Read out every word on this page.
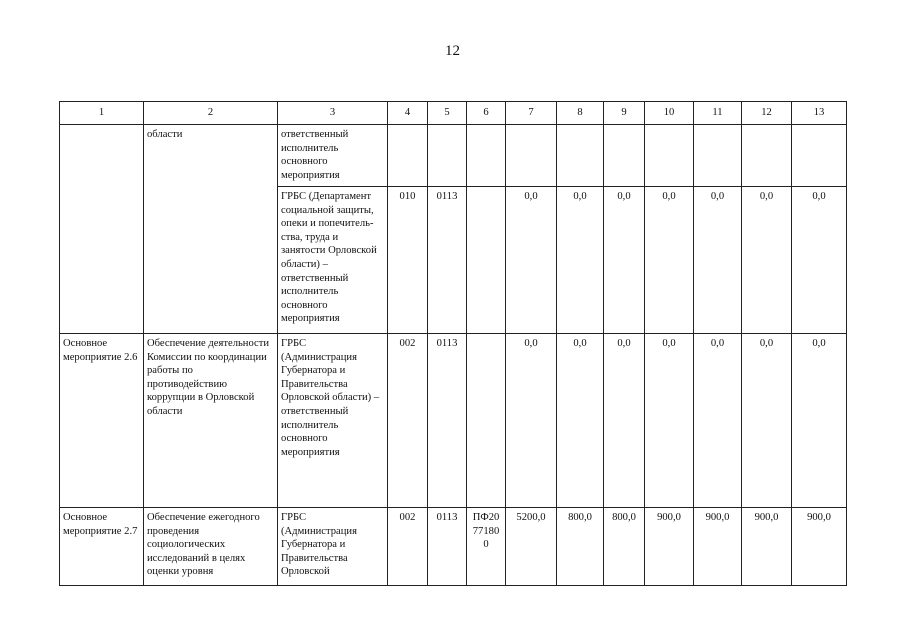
12
1	2	3	4	5	6	7	8	9	10	11	12	13
	области	ответственный исполнитель основного мероприятия										
		ГРБС (Департамент социальной защиты, опеки и попечитель-ства, труда и занятости Орловской области) – ответственный исполнитель основного мероприятия	010	0113		0,0	0,0	0,0	0,0	0,0	0,0	0,0
Основное мероприятие 2.6	Обеспечение деятельности Комиссии по координации работы по противодействию коррупции в Орловской области	ГРБС (Администрация Губернатора и Правительства Орловской области) – ответственный исполнитель основного мероприятия	002	0113		0,0	0,0	0,0	0,0	0,0	0,0	0,0
Основное мероприятие 2.7	Обеспечение ежегодного проведения социологических исследований в целях оценки уровня	ГРБС (Администрация Губернатора и Правительства Орловской	002	0113	ПФ20 77180 0	5200,0	800,0	800,0	900,0	900,0	900,0	900,0
